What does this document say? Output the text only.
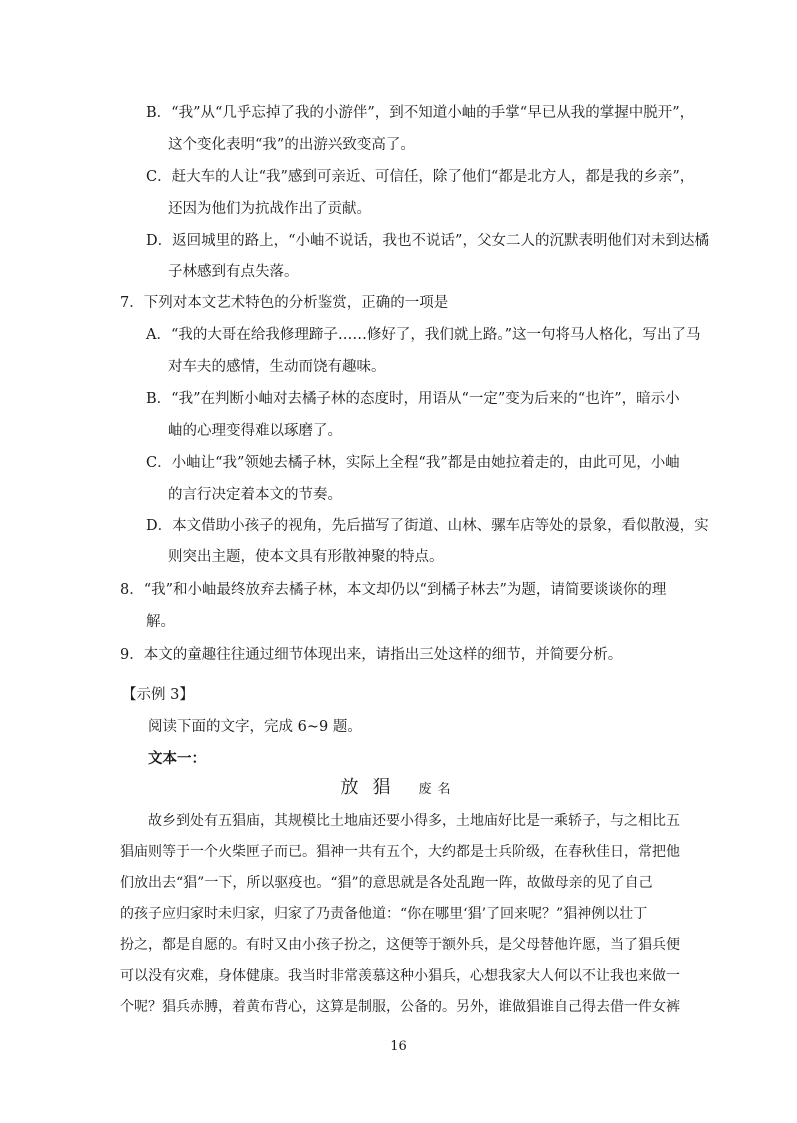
B．“我”从“几乎忘掉了我的小游伴”，到不知道小岫的手掌“早已从我的掌握中脱开”，
这个变化表明“我”的出游兴致变高了。
C．赶大车的人让“我”感到可亲近、可信任，除了他们“都是北方人，都是我的乡亲”，
还因为他们为抗战作出了贡献。
D．返回城里的路上，“小岫不说话，我也不说话”，父女二人的沉默表明他们对未到达橘
子林感到有点失落。
7．下列对本文艺术特色的分析鉴赏，正确的一项是
A．“我的大哥在给我修理蹄子……修好了，我们就上路。”这一句将马人格化，写出了马
对车夫的感情，生动而饶有趣味。
B．“我”在判断小岫对去橘子林的态度时，用语从“一定”变为后来的“也许”，暗示小
岫的心理变得难以琢磨了。
C．小岫让“我”领她去橘子林，实际上全程“我”都是由她拉着走的，由此可见，小岫
的言行决定着本文的节奏。
D．本文借助小孩子的视角，先后描写了街道、山林、骡车店等处的景象，看似散漫，实
则突出主题，使本文具有形散神聚的特点。
8．“我”和小岫最终放弃去橘子林，本文却仍以“到橘子林去”为题，请简要谈谈你的理
解。
9．本文的童趣往往通过细节体现出来，请指出三处这样的细节，并简要分析。
【示例 3】
阅读下面的文字，完成 6~9 题。
文本一：
放猖 废名
故乡到处有五猖庙，其规模比土地庙还要小得多，土地庙好比是一乘轿子，与之相比五
猖庙则等于一个火柴匣子而已。猖神一共有五个，大约都是士兵阶级，在春秋佳日，常把他
们放出去“猖”一下，所以驱疫也。“猖”的意思就是各处乱跑一阵，故做母亲的见了自己
的孩子应归家时未归家，归家了乃责备他道：“你在哪里‘猖’了回来呢？”猖神例以壮丁
扮之，都是自愿的。有时又由小孩子扮之，这便等于额外兵，是父母替他许愿，当了猖兵便
可以没有灾难，身体健康。我当时非常羡慕这种小猖兵，心想我家大人何以不让我也来做一
个呢？猖兵赤膊，着黄布背心，这算是制服，公备的。另外，谁做猖谁自己得去借一件女裤
16
